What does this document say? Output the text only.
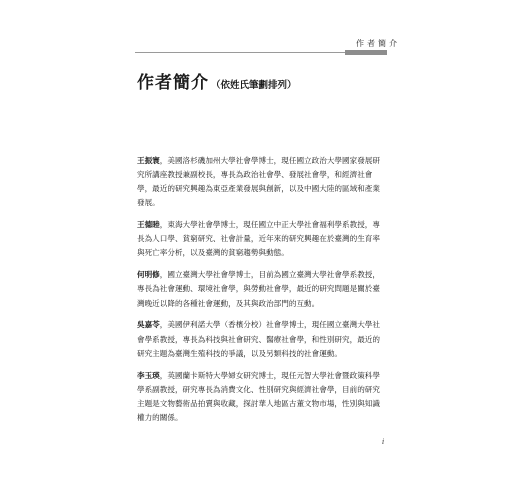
作者簡介
作者簡介 （依姓氏筆劃排列）

王振寰，美國洛杉磯加州大學社會學博士，現任國立政治大學國家發展研究所講座教授兼副校長，專長為政治社會學、發展社會學，和經濟社會學，最近的研究興趣為東亞產業發展與創新，以及中國大陸的區域和產業發展。

王德睦，東海大學社會學博士，現任國立中正大學社會福利學系教授，專長為人口學、貧窮研究、社會計量，近年來的研究興趣在於臺灣的生育率與死亡率分析，以及臺灣的貧窮趨勢與動態。

何明修，國立臺灣大學社會學博士，目前為國立臺灣大學社會學系教授，專長為社會運動、環境社會學，與勞動社會學，最近的研究問題是關於臺灣晚近以降的各種社會運動，及其與政治部門的互動。

吳嘉苓，美國伊利諾大學（香檳分校）社會學博士，現任國立臺灣大學社會學系教授，專長為科技與社會研究、醫療社會學，和性別研究，最近的研究主題為臺灣生殖科技的爭議，以及另類科技的社會運動。

李玉瑛，英國蘭卡斯特大學婦女研究博士，現任元智大學社會暨政策科學學系副教授，研究專長為消費文化、性別研究與經濟社會學，目前的研究主題是文物藝術品拍賣與收藏，探討華人地區古董文物市場，性別與知識權力的關係。

i
